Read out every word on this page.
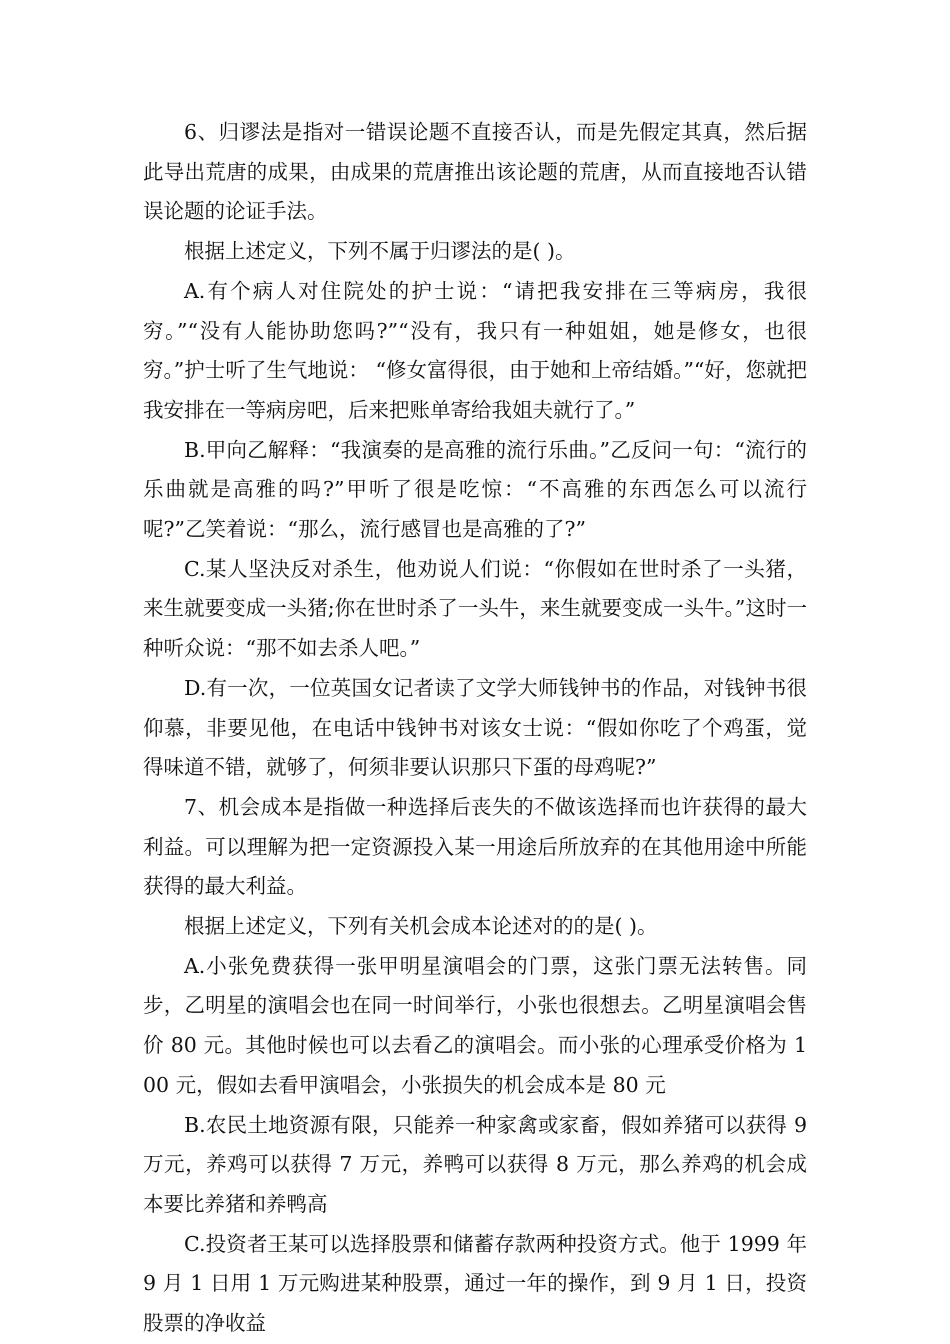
6、归谬法是指对一错误论题不直接否认，而是先假定其真，然后据此导出荒唐的成果，由成果的荒唐推出该论题的荒唐，从而直接地否认错误论题的论证手法。

根据上述定义，下列不属于归谬法的是( )。

A.有个病人对住院处的护士说：“请把我安排在三等病房，我很穷。”“没有人能协助您吗?”“没有，我只有一种姐姐，她是修女，也很穷。”护士听了生气地说： “修女富得很，由于她和上帝结婚。”“好，您就把我安排在一等病房吧，后来把账单寄给我姐夫就行了。”

B.甲向乙解释：“我演奏的是高雅的流行乐曲。”乙反问一句：“流行的乐曲就是高雅的吗?”甲听了很是吃惊：“不高雅的东西怎么可以流行呢?”乙笑着说：“那么，流行感冒也是高雅的了?”

C.某人坚決反对杀生，他劝说人们说：“你假如在世时杀了一头猪，来生就要变成一头猪;你在世时杀了一头牛，来生就要变成一头牛。”这时一种听众说：“那不如去杀人吧。”

D.有一次，一位英国女记者读了文学大师钱钟书的作品，对钱钟书很仰慕，非要见他，在电话中钱钟书对该女士说：“假如你吃了个鸡蛋，觉得味道不错，就够了，何须非要认识那只下蛋的母鸡呢?”

7、机会成本是指做一种选择后丧失的不做该选择而也许获得的最大利益。可以理解为把一定资源投入某一用途后所放弃的在其他用途中所能获得的最大利益。

根据上述定义，下列有关机会成本论述对的的是( )。

A.小张免费获得一张甲明星演唱会的门票，这张门票无法转售。同步，乙明星的演唱会也在同一时间举行，小张也很想去。乙明星演唱会售价 80 元。其他时候也可以去看乙的演唱会。而小张的心理承受价格为 100 元，假如去看甲演唱会，小张损失的机会成本是 80 元

B.农民土地资源有限，只能养一种家禽或家畜，假如养猪可以获得 9 万元，养鸡可以获得 7 万元，养鸭可以获得 8 万元，那么养鸡的机会成本要比养猪和养鸭高

C.投资者王某可以选择股票和储蓄存款两种投资方式。他于 1999 年 9 月 1 日用 1 万元购进某种股票，通过一年的操作，到 9 月 1 日，投资股票的净收益
